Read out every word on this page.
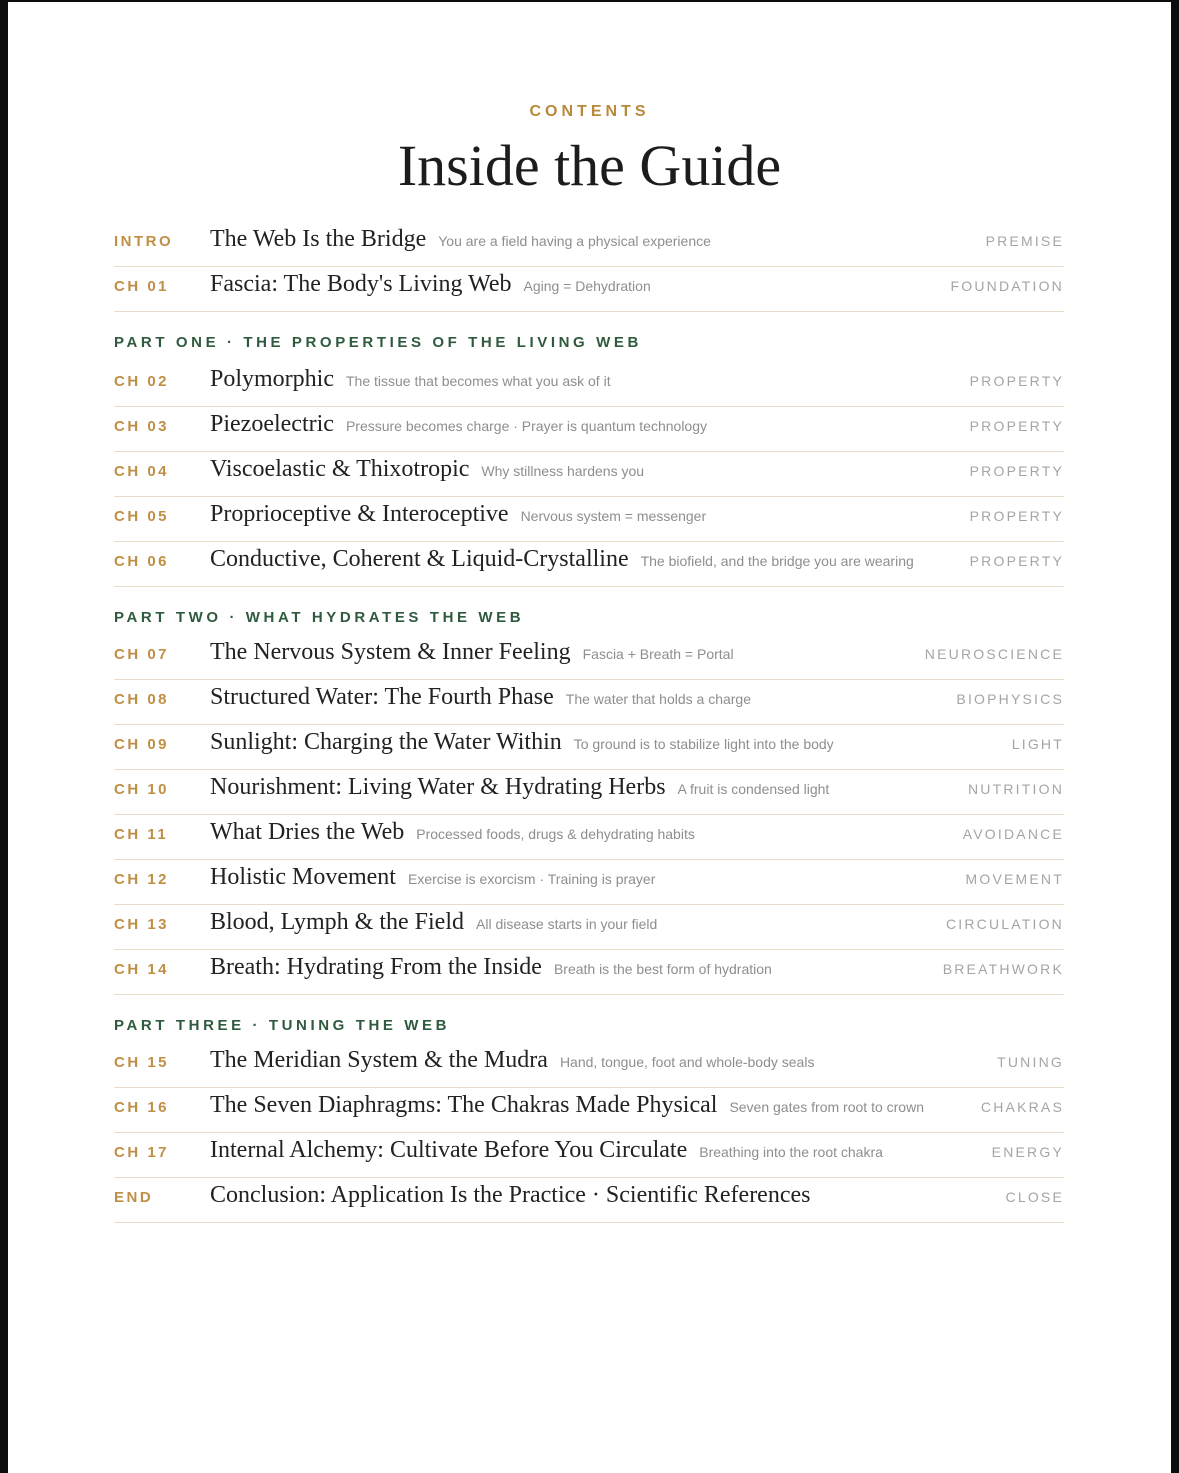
CONTENTS
Inside the Guide
INTRO	The Web Is the Bridge You are a field having a physical experience	PREMISE
CH 01	Fascia: The Body's Living Web Aging = Dehydration	FOUNDATION
PART ONE · THE PROPERTIES OF THE LIVING WEB
CH 02	Polymorphic The tissue that becomes what you ask of it	PROPERTY
CH 03	Piezoelectric Pressure becomes charge · Prayer is quantum technology	PROPERTY
CH 04	Viscoelastic & Thixotropic Why stillness hardens you	PROPERTY
CH 05	Proprioceptive & Interoceptive Nervous system = messenger	PROPERTY
CH 06	Conductive, Coherent & Liquid-Crystalline The biofield, and the bridge you are wearing	PROPERTY
PART TWO · WHAT HYDRATES THE WEB
CH 07	The Nervous System & Inner Feeling Fascia + Breath = Portal	NEUROSCIENCE
CH 08	Structured Water: The Fourth Phase The water that holds a charge	BIOPHYSICS
CH 09	Sunlight: Charging the Water Within To ground is to stabilize light into the body	LIGHT
CH 10	Nourishment: Living Water & Hydrating Herbs A fruit is condensed light	NUTRITION
CH 11	What Dries the Web Processed foods, drugs & dehydrating habits	AVOIDANCE
CH 12	Holistic Movement Exercise is exorcism · Training is prayer	MOVEMENT
CH 13	Blood, Lymph & the Field All disease starts in your field	CIRCULATION
CH 14	Breath: Hydrating From the Inside Breath is the best form of hydration	BREATHWORK
PART THREE · TUNING THE WEB
CH 15	The Meridian System & the Mudra Hand, tongue, foot and whole-body seals	TUNING
CH 16	The Seven Diaphragms: The Chakras Made Physical Seven gates from root to crown	CHAKRAS
CH 17	Internal Alchemy: Cultivate Before You Circulate Breathing into the root chakra	ENERGY
END	Conclusion: Application Is the Practice · Scientific References	CLOSE
